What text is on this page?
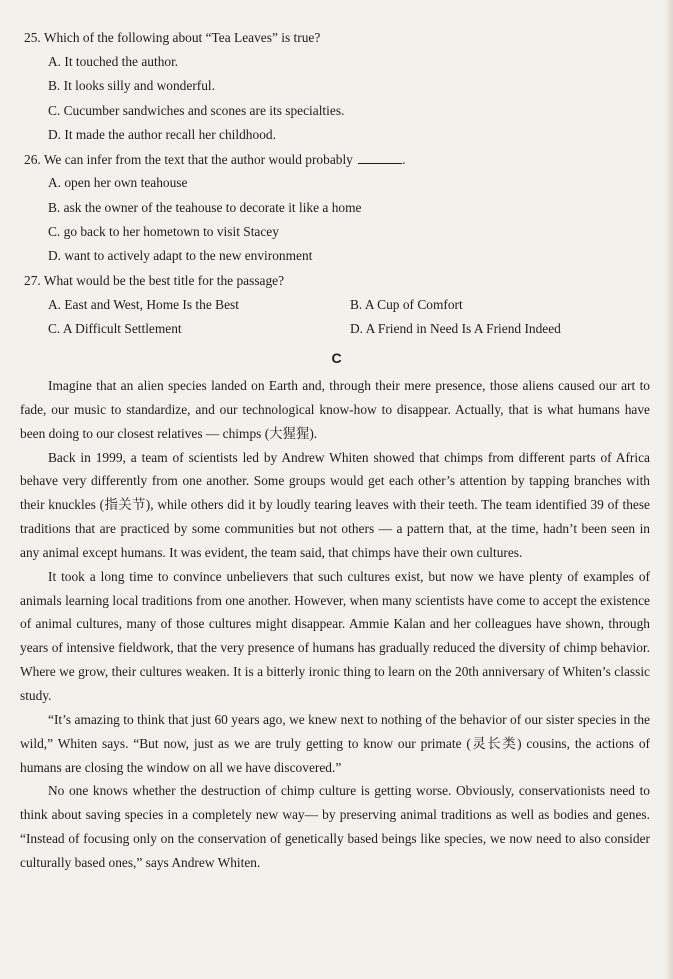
25. Which of the following about “Tea Leaves” is true?
A. It touched the author.
B. It looks silly and wonderful.
C. Cucumber sandwiches and scones are its specialties.
D. It made the author recall her childhood.
26. We can infer from the text that the author would probably	.
A. open her own teahouse
B. ask the owner of the teahouse to decorate it like a home
C. go back to her hometown to visit Stacey
D. want to actively adapt to the new environment
27. What would be the best title for the passage?
A. East and West, Home Is the Best	B. A Cup of Comfort
C. A Difficult Settlement	D. A Friend in Need Is A Friend Indeed
C

Imagine that an alien species landed on Earth and, through their mere presence, those aliens caused our art to fade, our music to standardize, and our technological know-how to disappear. Actually, that is what humans have been doing to our closest relatives — chimps (大猩猩).

Back in 1999, a team of scientists led by Andrew Whiten showed that chimps from different parts of Africa behave very differently from one another. Some groups would get each other’s attention by tapping branches with their knuckles (指关节), while others did it by loudly tearing leaves with their teeth. The team identified 39 of these traditions that are practiced by some communities but not others — a pattern that, at the time, hadn’t been seen in any animal except humans. It was evident, the team said, that chimps have their own cultures.

It took a long time to convince unbelievers that such cultures exist, but now we have plenty of examples of animals learning local traditions from one another. However, when many scientists have come to accept the existence of animal cultures, many of those cultures might disappear. Ammie Kalan and her colleagues have shown, through years of intensive fieldwork, that the very presence of humans has gradually reduced the diversity of chimp behavior. Where we grow, their cultures weaken. It is a bitterly ironic thing to learn on the 20th anniversary of Whiten’s classic study.

“It’s amazing to think that just 60 years ago, we knew next to nothing of the behavior of our sister species in the wild,” Whiten says. “But now, just as we are truly getting to know our primate (灵长类) cousins, the actions of humans are closing the window on all we have discovered.”

No one knows whether the destruction of chimp culture is getting worse. Obviously, conservationists need to think about saving species in a completely new way— by preserving animal traditions as well as bodies and genes. “Instead of focusing only on the conservation of genetically based beings like species, we now need to also consider culturally based ones,” says Andrew Whiten.
